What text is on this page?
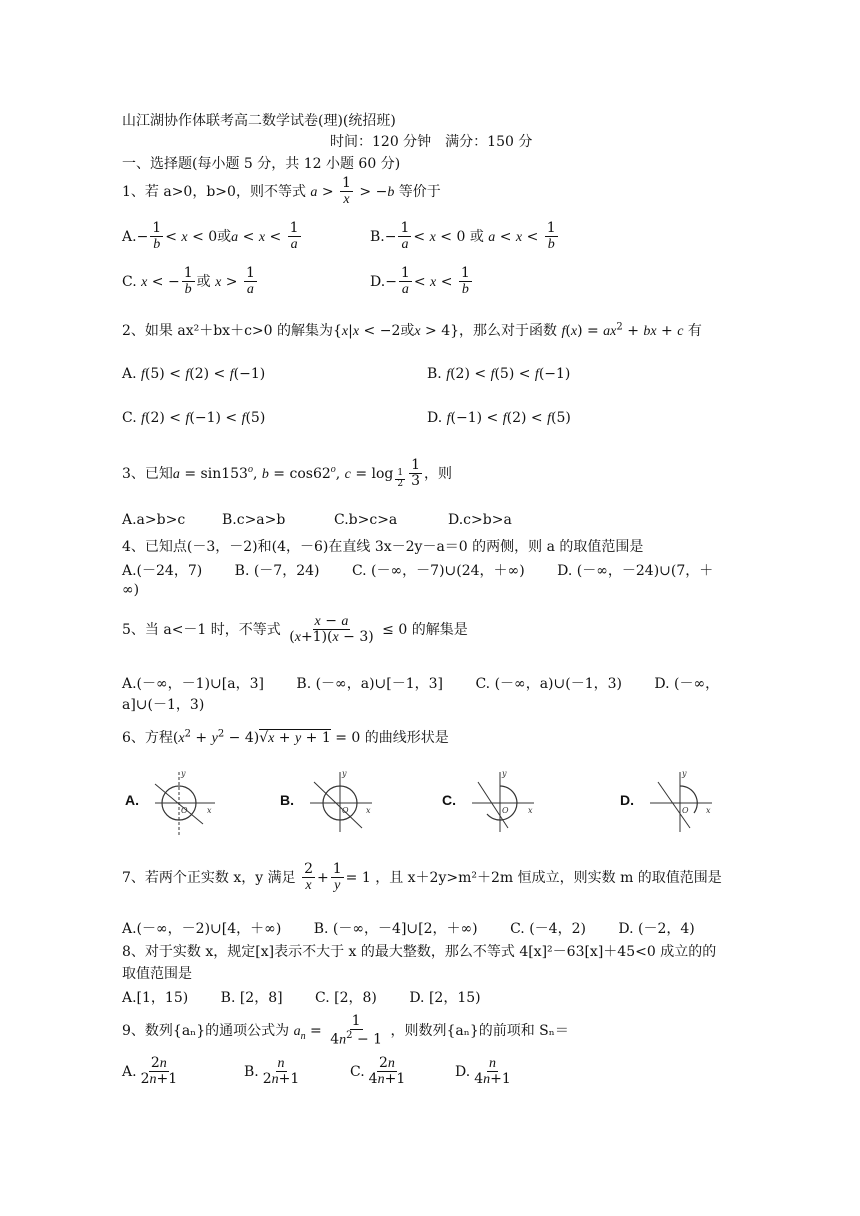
山江湖协作体联考高二数学试卷(理)(统招班)
时间：120 分钟　满分：150 分
一、选择题(每小题 5 分，共 12 小题 60 分)
1、若 a>0，b>0，则不等式 $a > \frac{1}{x} > -b$ 等价于
$A.- \frac{1}{b} < x < 0$或$a < x < \frac{1}{a}$	$B.- \frac{1}{a} < x < 0$ 或 $a < x < \frac{1}{b}$
C. x < − $\frac{1}{b}$ 或 $x > \frac{1}{a}$	$D.- \frac{1}{a} < x < \frac{1}{b}$
2、如果 ax²＋bx＋c>0 的解集为{x|x < −2或x > 4}，那么对于函数 $f(x) = ax^2$ + bx + c 有
A. f(5) < f(2) < f(−1)	B. f(2) < f(5) < f(−1)
C. f(2) < f(−1) < f(5)	D. f(−1) < f(2) < f(5)
3、已知$a = \sin 153^o$, $b = \cos 62^o$, $c = \log _{\frac{1}{2}} \frac{1}{3}$ ，则
A.a>b>c	B.c>a>b	C.b>c>a	D.c>b>a
4、已知点(－3，－2)和(4，－6)在直线 3x－2y－a＝0 的两侧，则 a 的取值范围是
A.(－24，7)　　 B. (－7，24)　　 C. (－∞，－7)∪(24，＋∞)　　 D. (－∞，－24)∪(7，＋
∞)
5、当 a<－1 时，不等式 $\frac{x - a}{(x+1)(x - 3)} \le 0$ 的解集是
A.(－∞，－1)∪[a，3]　　 B. (－∞，a)∪[－1，3]　　 C. (－∞，a)∪(－1，3)　　 D. (－∞，
a]∪(－1，3)
6、方程$(x^2 + y^2 - 4)√x + y + 1 = 0$ 的曲线形状是
A.
y
x
O
B.
y
x
O
C.
y
x
O
D.
y
x
O
7、若两个正实数 x，y 满足 $\frac{2}{x} + \frac{1}{y} = 1$ ，且 x＋2y>m²＋2m 恒成立，则实数 m 的取值范围是
A.(－∞，－2)∪[4，＋∞)　　 B. (－∞，－4]∪[2，＋∞)　　 C. (－4，2)　　 D. (－2，4)
8、对于实数 x，规定[x]表示不大于 x 的最大整数，那么不等式 4[x]²－63[x]＋45<0 成立的的
取值范围是
A.[1，15)　　 B. [2，8]　　 C. [2，8)　　 D. [2，15)
9、数列{aₙ}的通项公式为 $a_n = \frac{1}{4n^2 - 1}$ ，则数列{aₙ}的前项和 Sₙ＝
A. $\frac{2n}{2n+1}$	B. $\frac{n}{2n+1}$	C. $\frac{2n}{4n+1}$	D. $\frac{n}{4n+1}$
